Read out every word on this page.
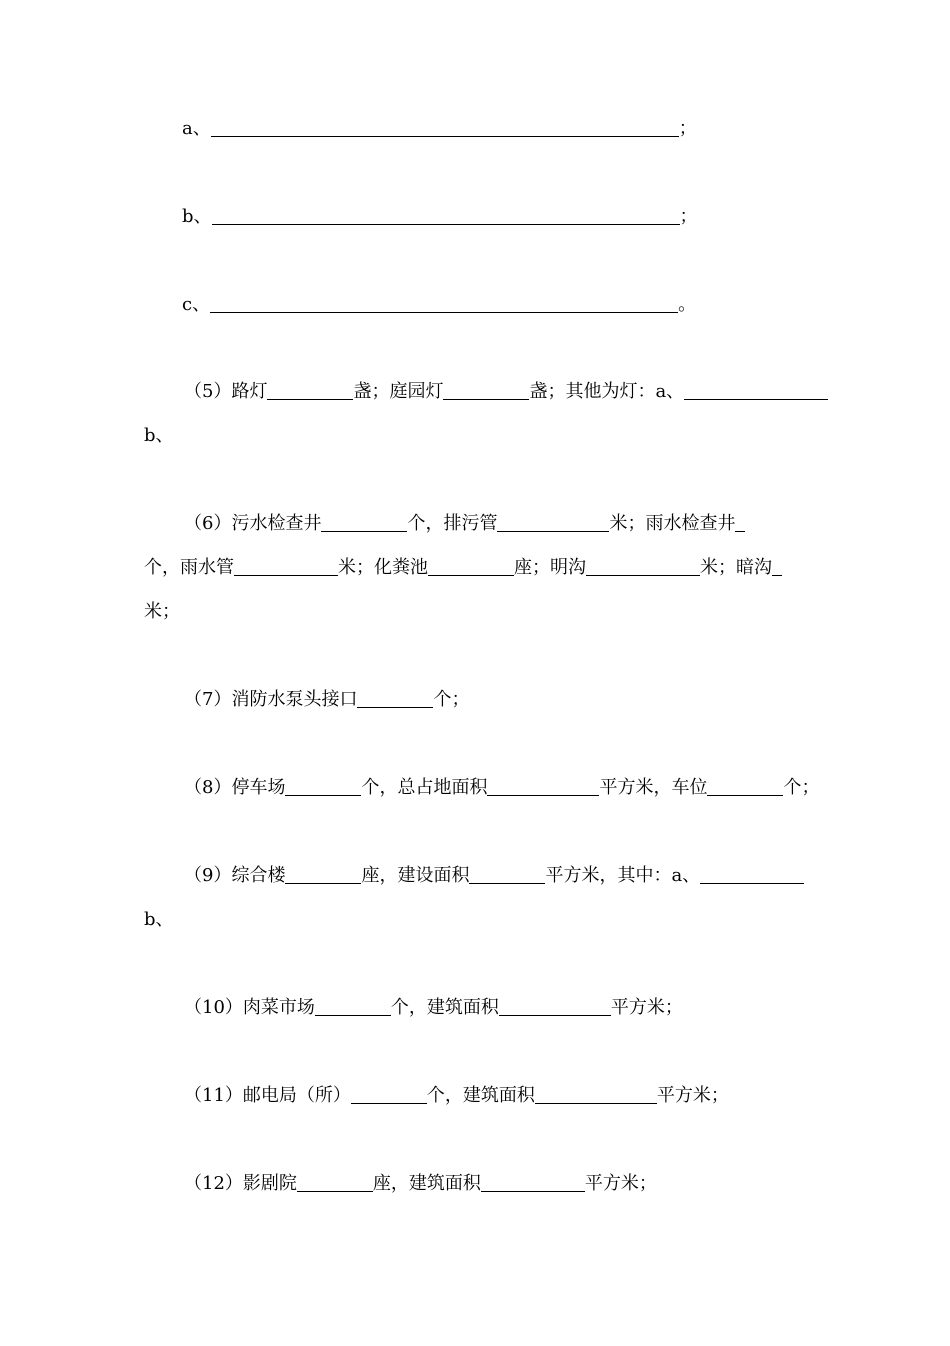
a、	；
b、	；
c、	。
（5）路灯	盏；庭园灯	盏；其他为灯：a、
b、
（6）污水检查井	个，排污管	米；雨水检查井
个，雨水管	米；化粪池	座；明沟	米；暗沟
米；
（7）消防水泵头接口	个；
（8）停车场	个，总占地面积	平方米，车位	个；
（9）综合楼	座，建设面积	平方米，其中：a、
b、
（10）肉菜市场	个，建筑面积	平方米；
（11）邮电局（所）	个，建筑面积	平方米；
（12）影剧院	座，建筑面积	平方米；
